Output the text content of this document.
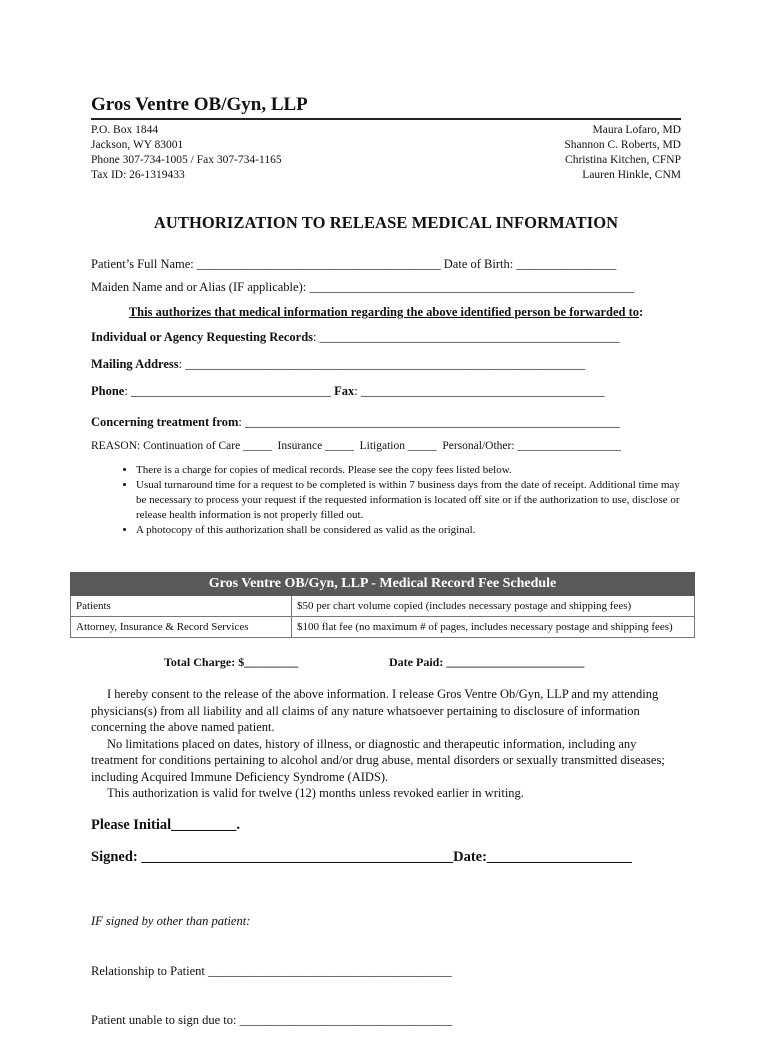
Gros Ventre OB/Gyn, LLP
P.O. Box 1844
Jackson, WY 83001
Phone 307-734-1005 / Fax 307-734-1165
Tax ID: 26-1319433
Maura Lofaro, MD
Shannon C. Roberts, MD
Christina Kitchen, CFNP
Lauren Hinkle, CNM
AUTHORIZATION TO RELEASE MEDICAL INFORMATION
Patient’s Full Name: _______________________________________ Date of Birth: ________________
Maiden Name and or Alias (IF applicable): ____________________________________________________
This authorizes that medical information regarding the above identified person be forwarded to:
Individual or Agency Requesting Records: ________________________________________________
Mailing Address: ________________________________________________________________
Phone: ________________________________ Fax: _______________________________________
Concerning treatment from: ____________________________________________________________
REASON: Continuation of Care _____  Insurance _____  Litigation _____  Personal/Other: __________________
• There is a charge for copies of medical records. Please see the copy fees listed below.
• Usual turnaround time for a request to be completed is within 7 business days from the date of receipt. Additional time may be necessary to process your request if the requested information is located off site or if the authorization to use, disclose or release health information is not properly filled out.
• A photocopy of this authorization shall be considered as valid as the original.
Gros Ventre OB/Gyn, LLP - Medical Record Fee Schedule	
Patients	$50 per chart volume copied (includes necessary postage and shipping fees)
Attorney, Insurance & Record Services	$100 flat fee (no maximum # of pages, includes necessary postage and shipping fees)
Total Charge: $_________	Date Paid: _______________________

I hereby consent to the release of the above information. I release Gros Ventre Ob/Gyn, LLP and my attending physicians(s) from all liability and all claims of any nature whatsoever pertaining to disclosure of information concerning the above named patient.

No limitations placed on dates, history of illness, or diagnostic and therapeutic information, including any treatment for conditions pertaining to alcohol and/or drug abuse, mental disorders or sexually transmitted diseases; including Acquired Immune Deficiency Syndrome (AIDS).

This authorization is valid for twelve (12) months unless revoked earlier in writing.

Please Initial_________.
Signed: ___________________________________________Date:____________________

IF signed by other than patient:

Relationship to Patient _______________________________________

Patient unable to sign due to: __________________________________
